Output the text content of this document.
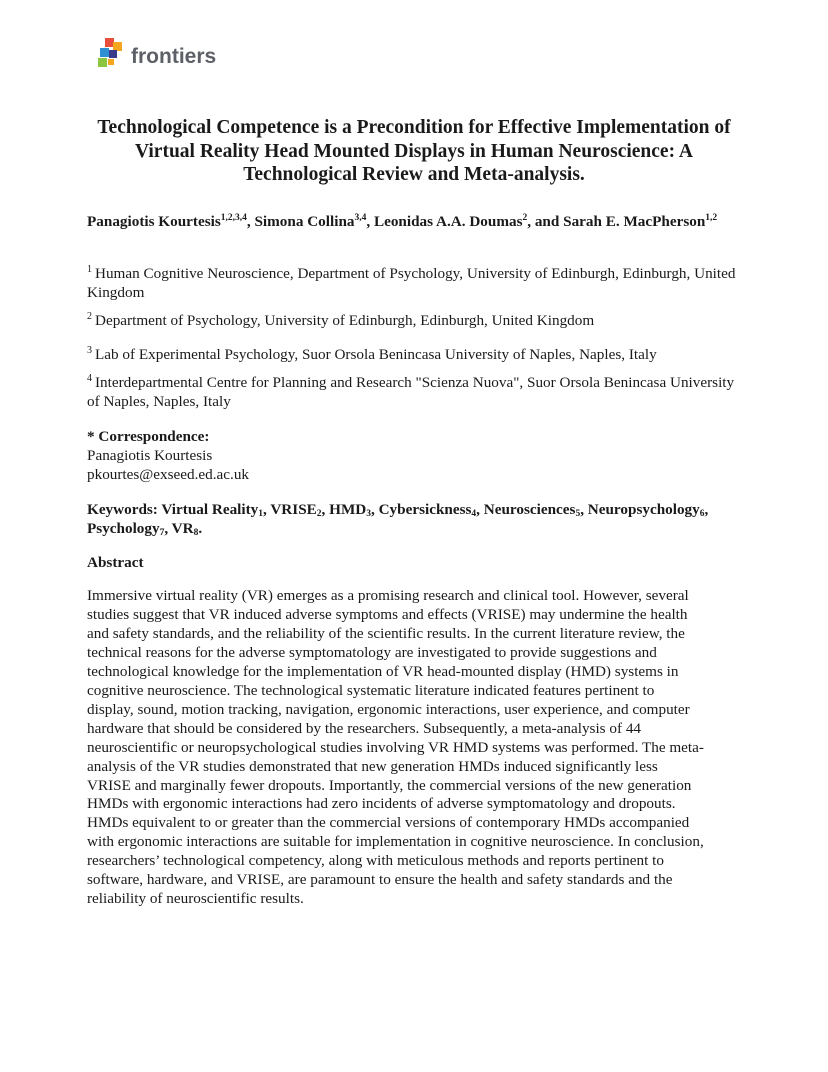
frontiers
Technological Competence is a Precondition for Effective Implementation of Virtual Reality Head Mounted Displays in Human Neuroscience: A Technological Review and Meta-analysis.
Panagiotis Kourtesis$^{1,2,3,4}$, Simona Collina$^{3,4}$, Leonidas A.A. Doumas$^2$, and Sarah E. MacPherson$^{1,2}$
$^1$ Human Cognitive Neuroscience, Department of Psychology, University of Edinburgh, Edinburgh, United Kingdom
$^2$ Department of Psychology, University of Edinburgh, Edinburgh, United Kingdom
$^3$ Lab of Experimental Psychology, Suor Orsola Benincasa University of Naples, Naples, Italy
$^4$ Interdepartmental Centre for Planning and Research "Scienza Nuova", Suor Orsola Benincasa University of Naples, Naples, Italy
* Correspondence:
Panagiotis Kourtesis
pkourtes@exseed.ed.ac.uk
Keywords: Virtual Reality$_1$, $VRISE_2$, $HMD_3$, Cybersickness$_4$, Neurosciences$_5$, Neuropsychology$_6$, Psychology$_7$, $VR_8$.
Abstract
Immersive virtual reality (VR) emerges as a promising research and clinical tool. However, several
studies suggest that VR induced adverse symptoms and effects (VRISE) may undermine the health
and safety standards, and the reliability of the scientific results. In the current literature review, the
technical reasons for the adverse symptomatology are investigated to provide suggestions and
technological knowledge for the implementation of VR head-mounted display (HMD) systems in
cognitive neuroscience. The technological systematic literature indicated features pertinent to
display, sound, motion tracking, navigation, ergonomic interactions, user experience, and computer
hardware that should be considered by the researchers. Subsequently, a meta-analysis of 44
neuroscientific or neuropsychological studies involving VR HMD systems was performed. The meta-
analysis of the VR studies demonstrated that new generation HMDs induced significantly less
VRISE and marginally fewer dropouts. Importantly, the commercial versions of the new generation
HMDs with ergonomic interactions had zero incidents of adverse symptomatology and dropouts.
HMDs equivalent to or greater than the commercial versions of contemporary HMDs accompanied
with ergonomic interactions are suitable for implementation in cognitive neuroscience. In conclusion,
researchers’ technological competency, along with meticulous methods and reports pertinent to
software, hardware, and VRISE, are paramount to ensure the health and safety standards and the
reliability of neuroscientific results.
